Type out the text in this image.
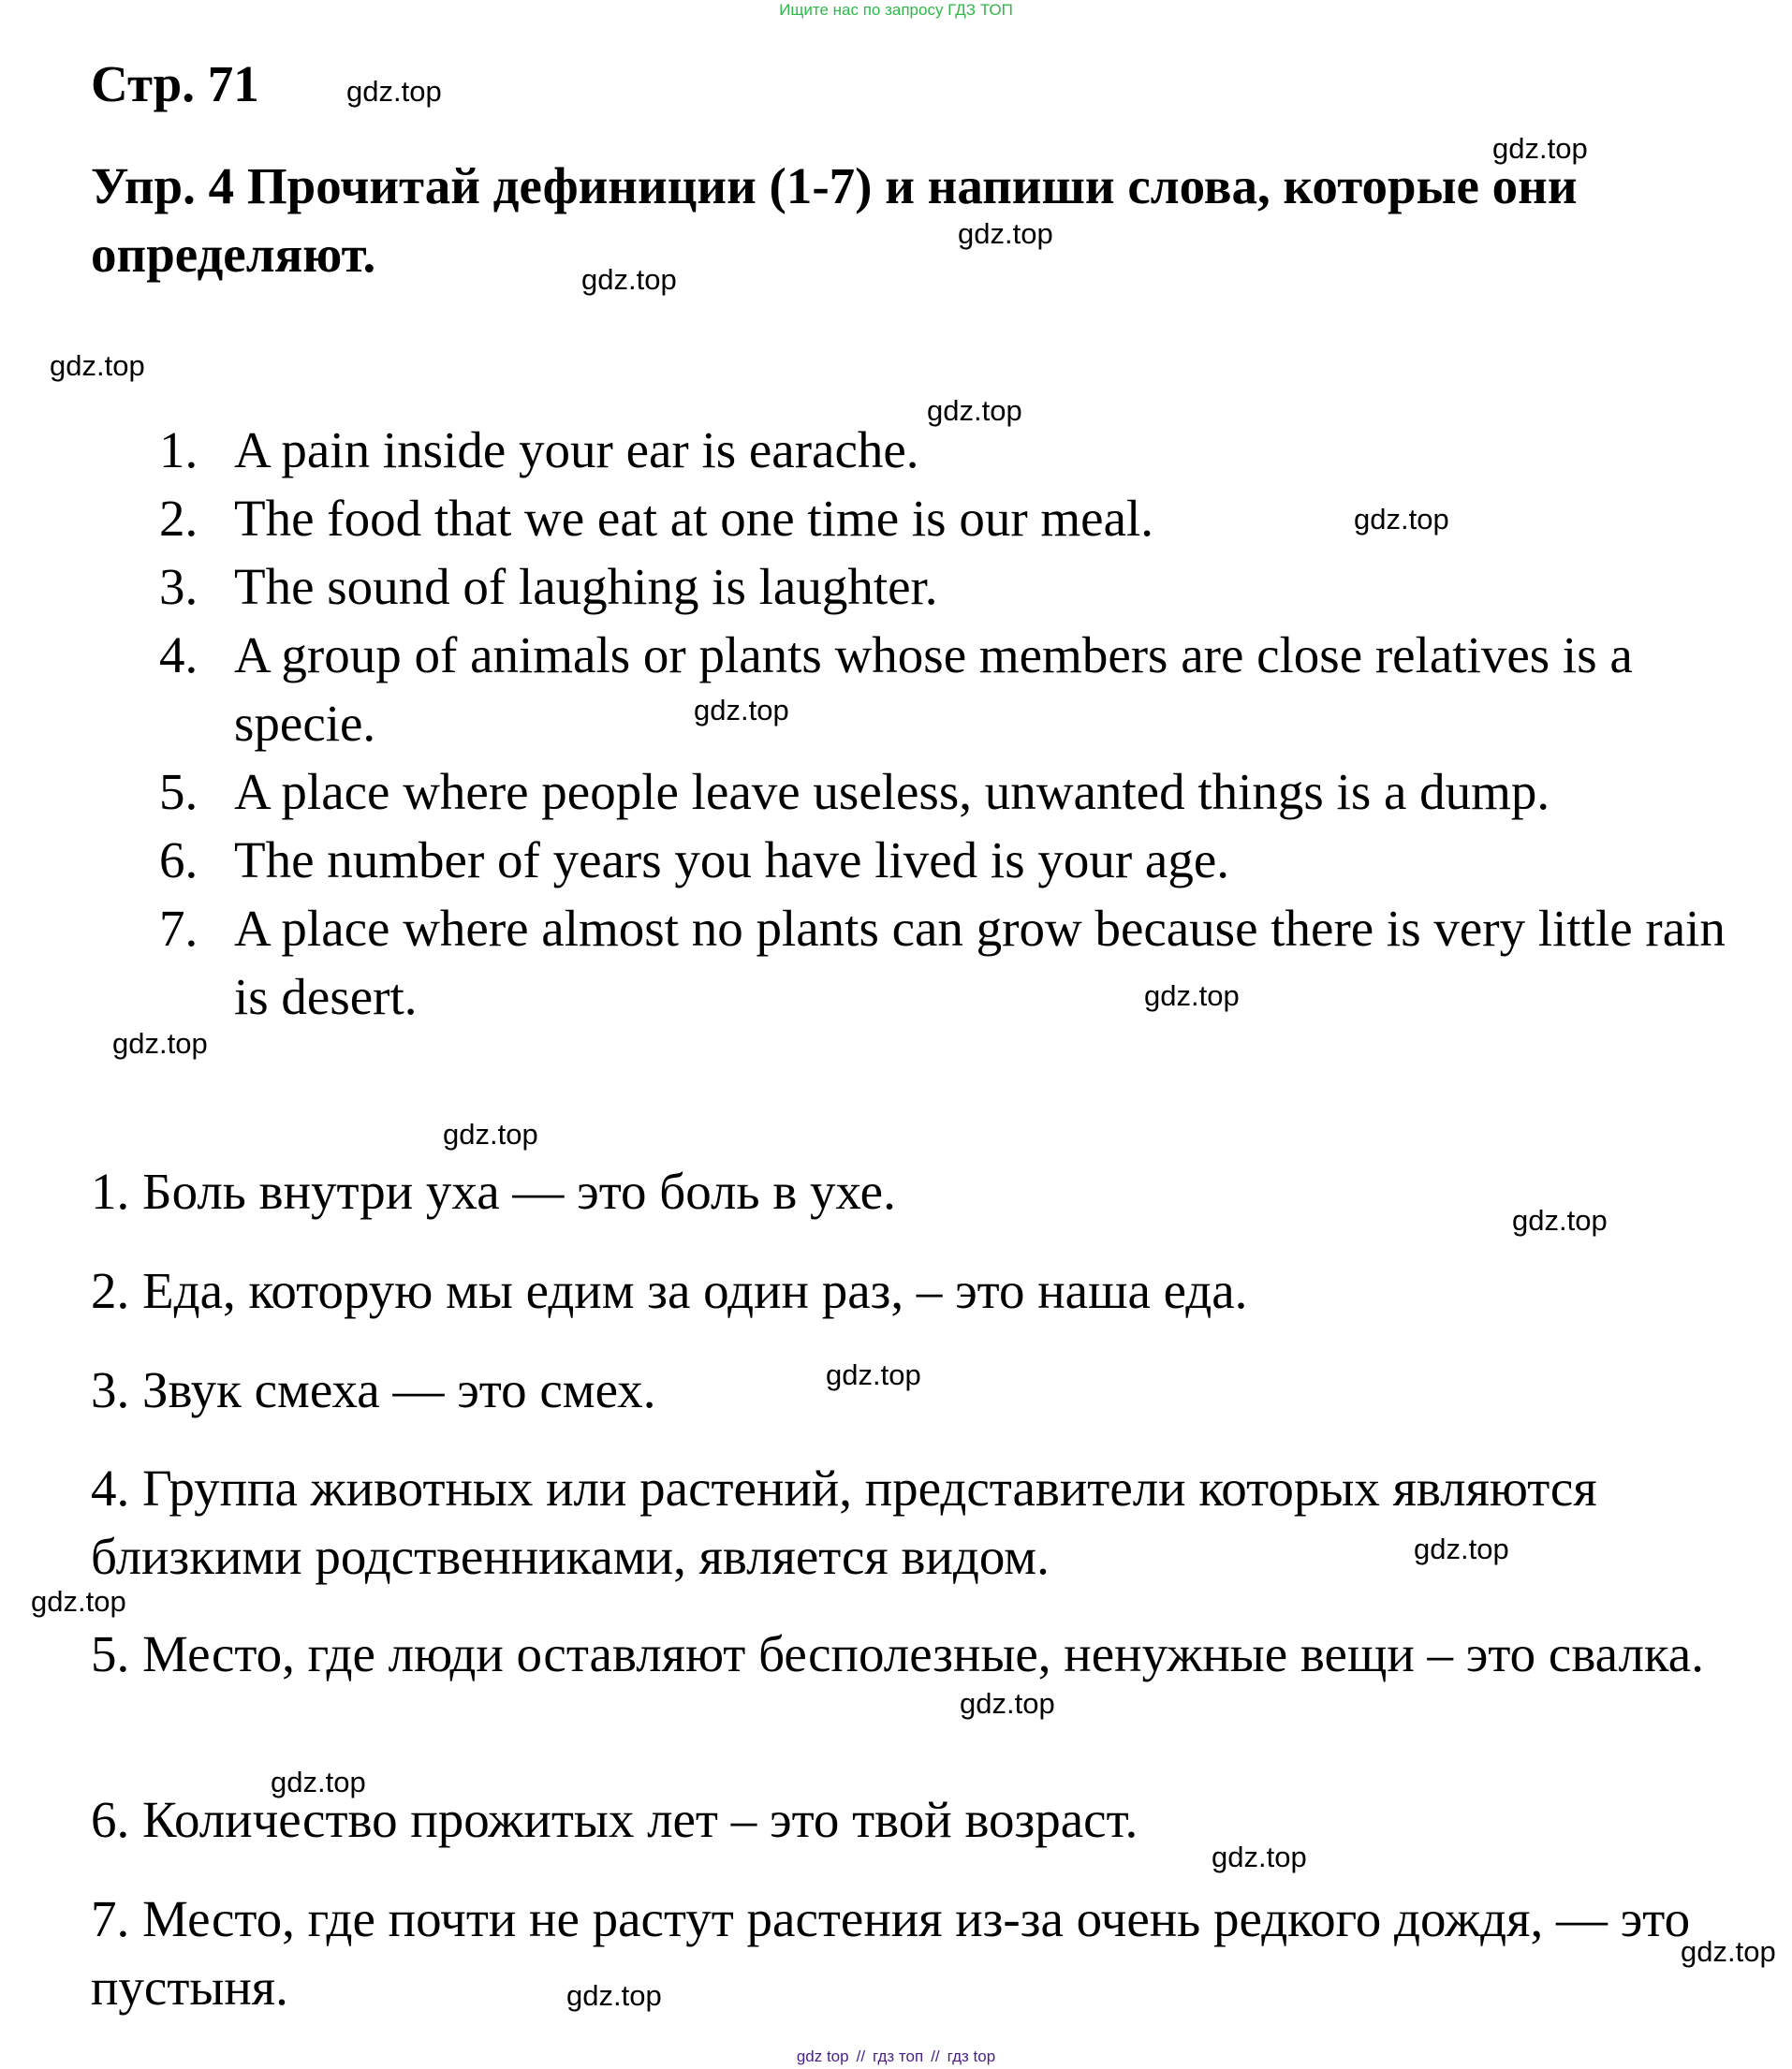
Ищите нас по запросу ГДЗ ТОП
Стр. 71
Упр. 4 Прочитай дефиниции (1-7) и напиши слова, которые они определяют.
1. A pain inside your ear is earache.
2. The food that we eat at one time is our meal.
3. The sound of laughing is laughter.
4. A group of animals or plants whose members are close relatives is a specie.
5. A place where people leave useless, unwanted things is a dump.
6. The number of years you have lived is your age.
7. A place where almost no plants can grow because there is very little rain is desert.

1. Боль внутри уха — это боль в ухе.

2. Еда, которую мы едим за один раз, – это наша еда.

3. Звук смеха — это смех.

4. Группа животных или растений, представители которых являются близкими родственниками, является видом.

5. Место, где люди оставляют бесполезные, ненужные вещи – это свалка.

6. Количество прожитых лет – это твой возраст.

7. Место, где почти не растут растения из-за очень редкого дождя, — это пустыня.

gdz.top
gdz.top
gdz.top
gdz.top
gdz.top
gdz.top
gdz.top
gdz.top
gdz.top
gdz.top
gdz.top
gdz.top
gdz.top
gdz.top
gdz.top
gdz.top
gdz.top
gdz.top
gdz.top
gdz.top
gdz top // гдз топ // гдз top
